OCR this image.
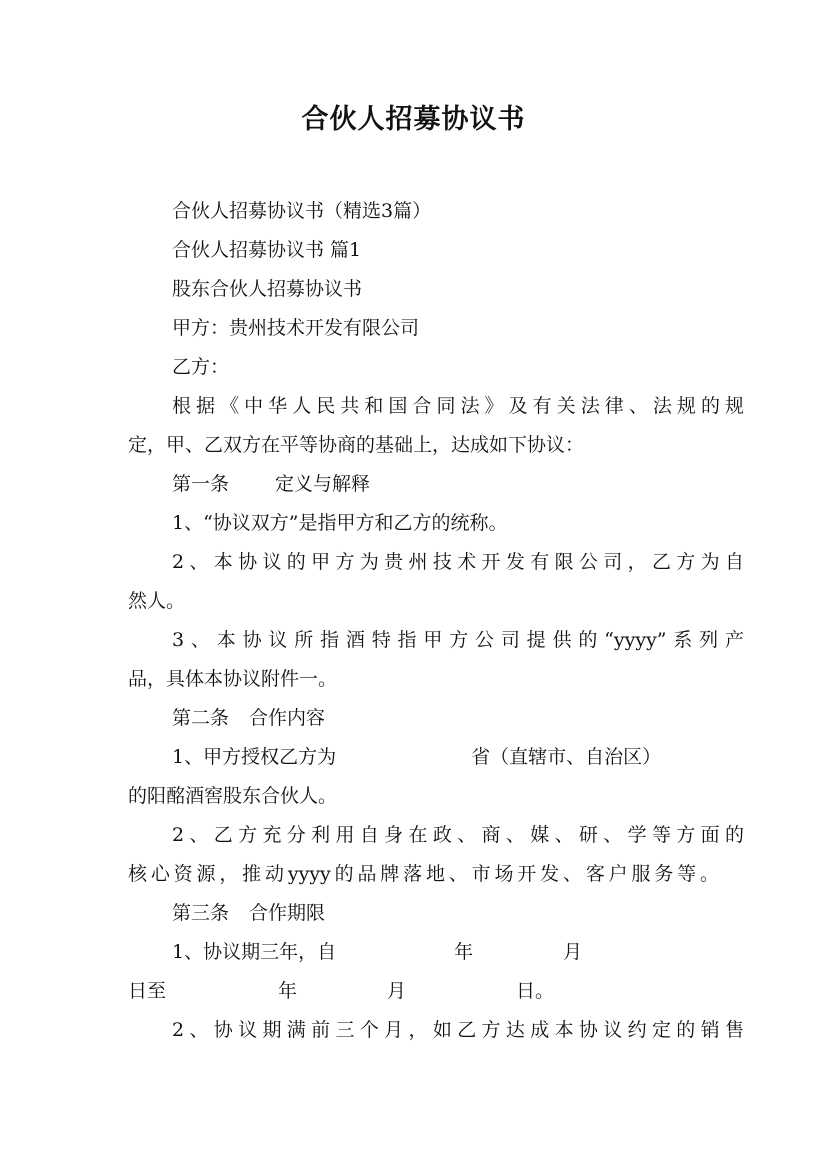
合伙人招募协议书
合伙人招募协议书（精选3篇）
合伙人招募协议书 篇1
股东合伙人招募协议书
甲方：贵州技术开发有限公司
乙方：
根据《中华人民共和国合同法》及有关法律、法规的规
定，甲、乙双方在平等协商的基础上，达成如下协议：
第一条 定义与解释
1、“协议双方”是指甲方和乙方的统称。
2、本协议的甲方为贵州技术开发有限公司，乙方为自
然人。
3、本协议所指酒特指甲方公司提供的“yyyy”系列产
品，具体本协议附件一。
第二条 合作内容
1、甲方授权乙方为	省（直辖市、自治区）
的阳酩酒窖股东合伙人。
2、乙方充分利用自身在政、商、媒、研、学等方面的
核心资源，推动yyyy的品牌落地、市场开发、客户服务等。
第三条 合作期限
1、协议期三年，自	年	月
日至	年	月	日。
2、协议期满前三个月，如乙方达成本协议约定的销售
